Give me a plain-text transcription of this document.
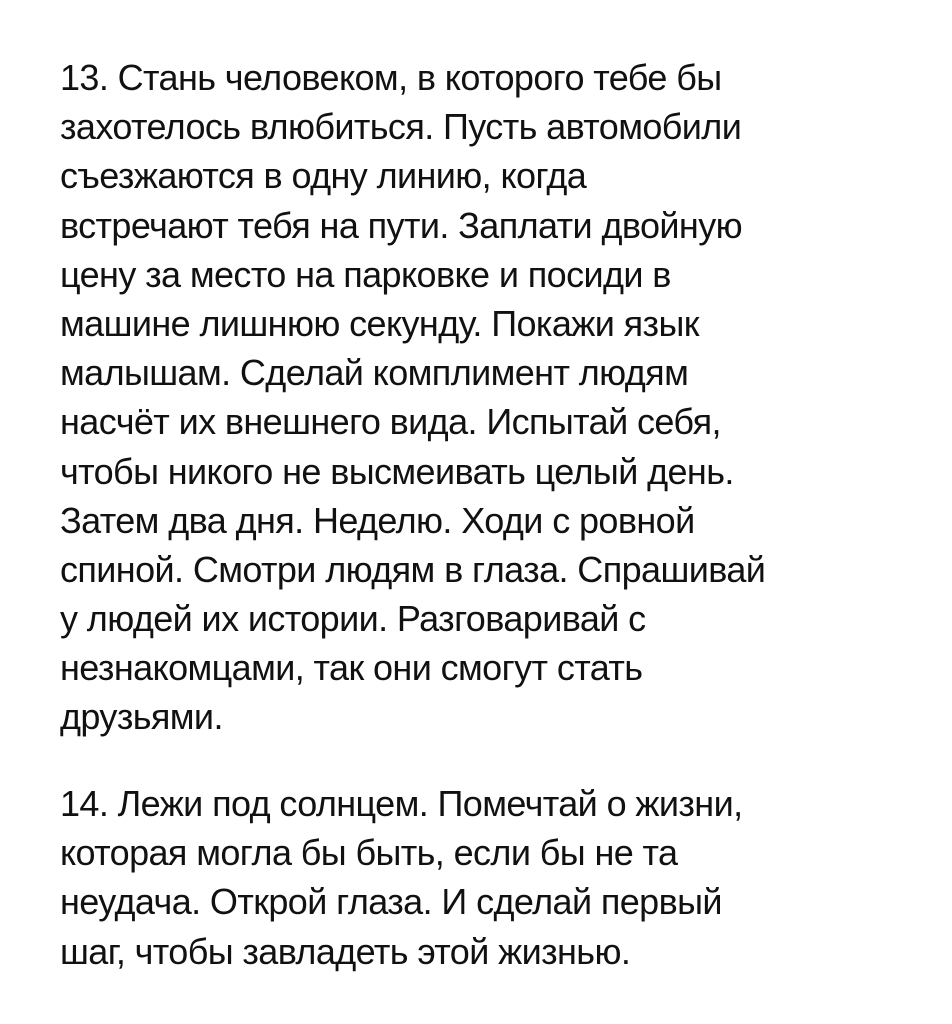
13. Стань человеком, в которого тебе бы
захотелось влюбиться. Пусть автомобили
съезжаются в одну линию, когда
встречают тебя на пути. Заплати двойную
цену за место на парковке и посиди в
машине лишнюю секунду. Покажи язык
малышам. Сделай комплимент людям
насчёт их внешнего вида. Испытай себя,
чтобы никого не высмеивать целый день.
Затем два дня. Неделю. Ходи с ровной
спиной. Смотри людям в глаза. Спрашивай
у людей их истории. Разговаривай с
незнакомцами, так они смогут стать
друзьями.
14. Лежи под солнцем. Помечтай о жизни,
которая могла бы быть, если бы не та
неудача. Открой глаза. И сделай первый
шаг, чтобы завладеть этой жизнью.
